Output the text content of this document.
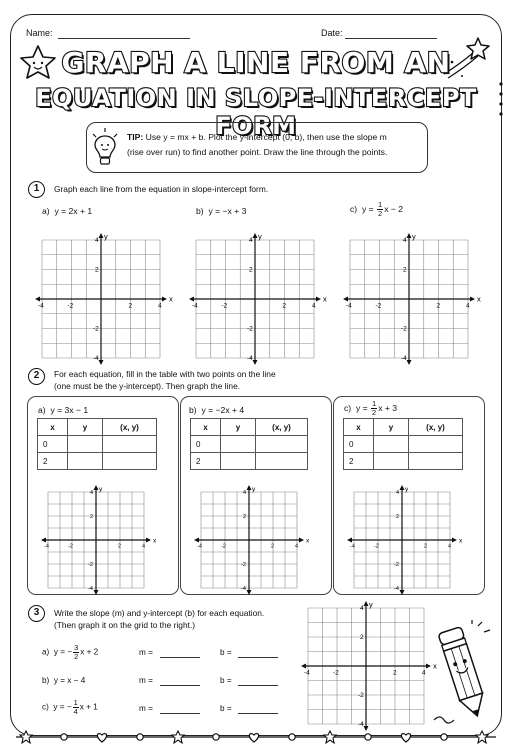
Name:	Date:
GRAPH A LINE FROM AN
EQUATION IN SLOPE-INTERCEPT FORM
TIP: Use y = mx + b. Plot the y-intercept (0, b), then use the slope m
(rise over run) to find another point. Draw the line through the points.
1	Graph each line from the equation in slope-intercept form.
a) y = 2x + 1	b) y = −x + 3	c) $y = \frac{1}{2}$ x − 2
2	For each equation, fill in the table with two points on the line
(one must be the y-intercept). Then graph the line.
a) y = 3x − 1	b) y = −2x + 4	c) $y = \frac{1}{2}$ x + 3
x	y	(x, y)
0		
2		
x	y	(x, y)
0		
2		
x	y	(x, y)
0		
2		
3	Write the slope (m) and y-intercept (b) for each equation.
(Then graph it on the grid to the right.)
a) y = − $\frac{3}{2}$ x + 2	m =	b =
b) y = x − 4	m =	b =
c) y = − $\frac{1}{4}$ x + 1	m =	b =
x
y
-4
-4
-2
-2
2
2
4
4
x
y
-4
-4
-2
-2
2
2
4
4
x
y
-4
-4
-2
-2
2
2
4
4
x
y
-4
-4
-2
-2
2
2
4
4
x
y
-4
-4
-2
-2
2
2
4
4
x
y
-4
-4
-2
-2
2
2
4
4
x
y
-4
-4
-2
-2
2
2
4
4
